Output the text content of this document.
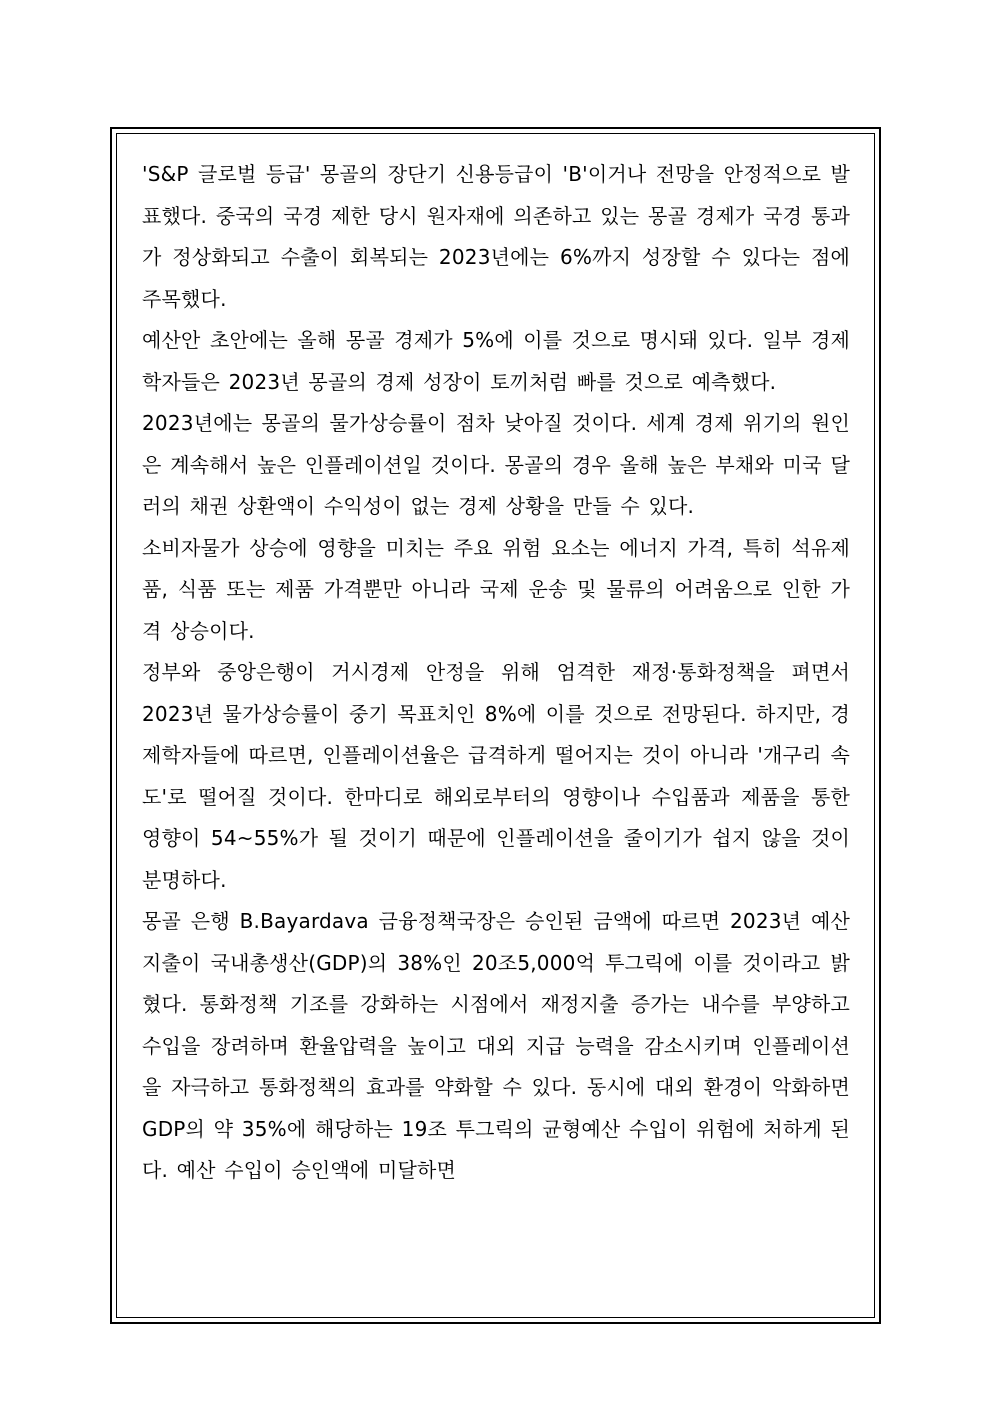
'S&P 글로벌 등급' 몽골의 장단기 신용등급이 'B'이거나 전망을 안정적으로 발표했다. 중국의 국경 제한 당시 원자재에 의존하고 있는 몽골 경제가 국경 통과가 정상화되고 수출이 회복되는 2023년에는 6%까지 성장할 수 있다는 점에 주목했다.

예산안 초안에는 올해 몽골 경제가 5%에 이를 것으로 명시돼 있다. 일부 경제학자들은 2023년 몽골의 경제 성장이 토끼처럼 빠를 것으로 예측했다.

2023년에는 몽골의 물가상승률이 점차 낮아질 것이다. 세계 경제 위기의 원인은 계속해서 높은 인플레이션일 것이다. 몽골의 경우 올해 높은 부채와 미국 달러의 채권 상환액이 수익성이 없는 경제 상황을 만들 수 있다.

소비자물가 상승에 영향을 미치는 주요 위험 요소는 에너지 가격, 특히 석유제품, 식품 또는 제품 가격뿐만 아니라 국제 운송 및 물류의 어려움으로 인한 가격 상승이다.

정부와 중앙은행이 거시경제 안정을 위해 엄격한 재정·통화정책을 펴면서 2023년 물가상승률이 중기 목표치인 8%에 이를 것으로 전망된다. 하지만, 경제학자들에 따르면, 인플레이션율은 급격하게 떨어지는 것이 아니라 '개구리 속도'로 떨어질 것이다. 한마디로 해외로부터의 영향이나 수입품과 제품을 통한 영향이 54~55%가 될 것이기 때문에 인플레이션을 줄이기가 쉽지 않을 것이 분명하다.

몽골 은행 B.Bayardava 금융정책국장은 승인된 금액에 따르면 2023년 예산 지출이 국내총생산(GDP)의 38%인 20조5,000억 투그릭에 이를 것이라고 밝혔다. 통화정책 기조를 강화하는 시점에서 재정지출 증가는 내수를 부양하고 수입을 장려하며 환율압력을 높이고 대외 지급 능력을 감소시키며 인플레이션을 자극하고 통화정책의 효과를 약화할 수 있다. 동시에 대외 환경이 악화하면 GDP의 약 35%에 해당하는 19조 투그릭의 균형예산 수입이 위험에 처하게 된다. 예산 수입이 승인액에 미달하면
